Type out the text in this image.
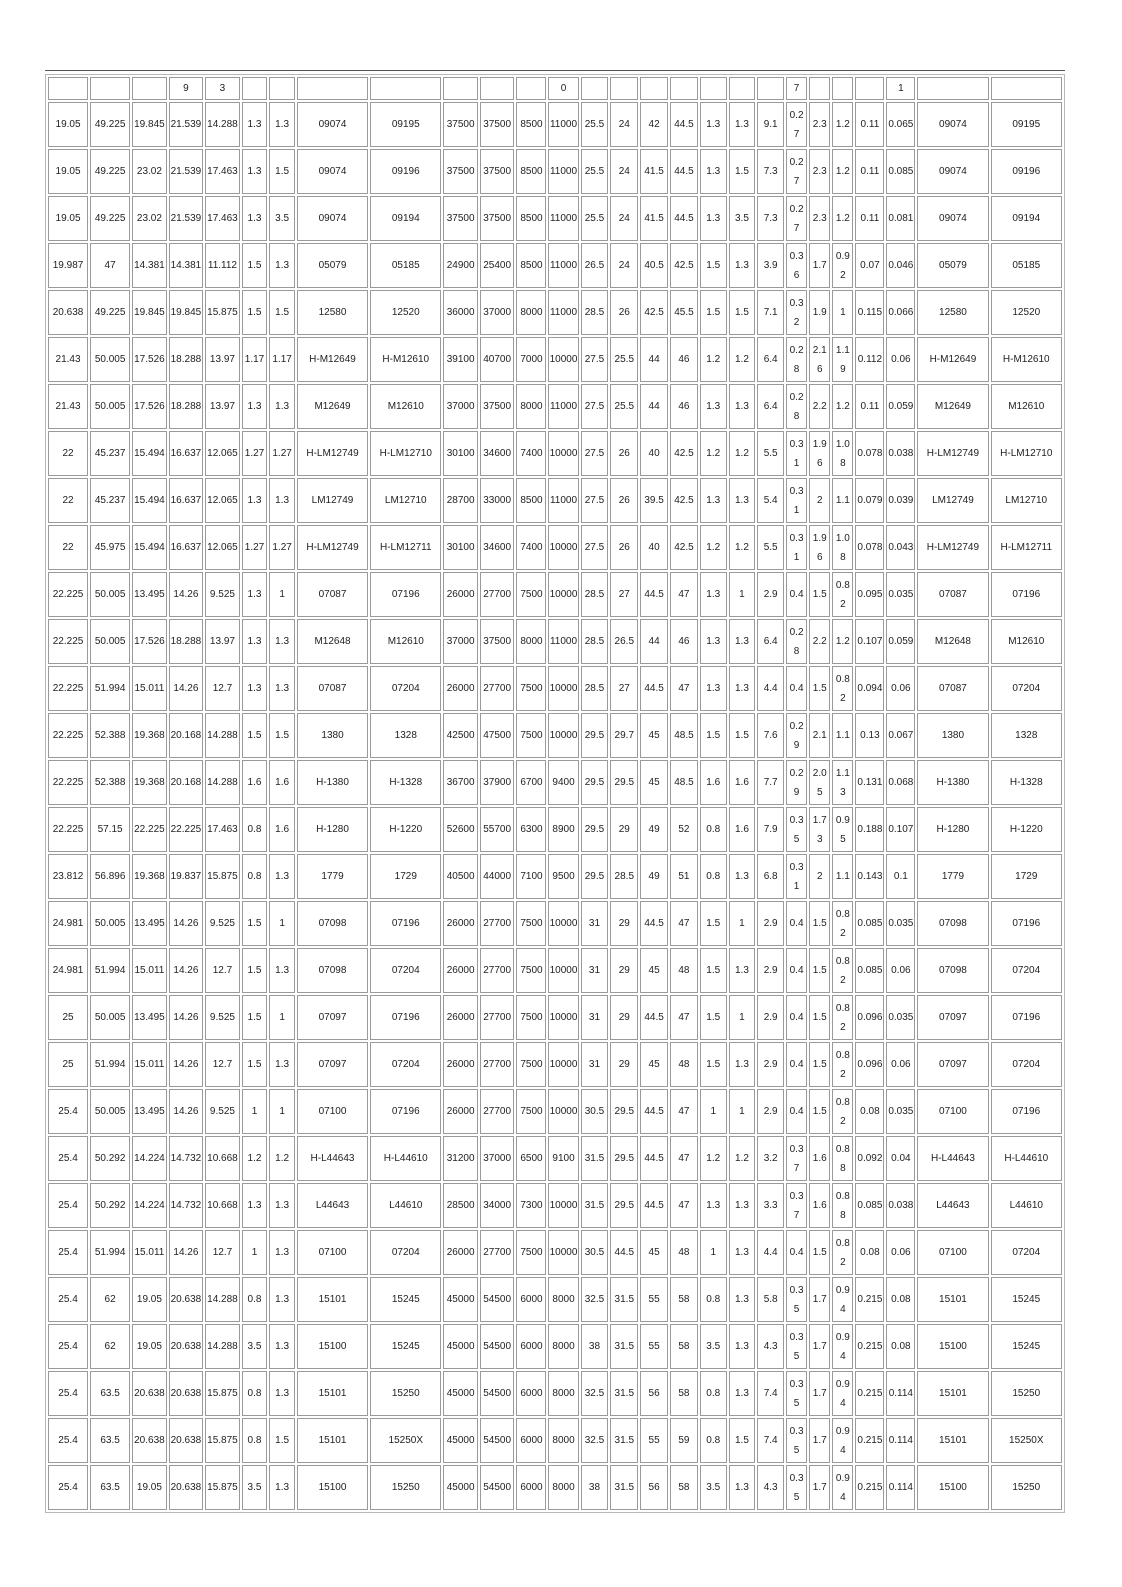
			9	3								0								7				1		
19.05	49.225	19.845	21.539	14.288	1.3	1.3	09074	09195	37500	37500	8500	11000	25.5	24	42	44.5	1.3	1.3	9.1	0.27	2.3	1.2	0.11	0.065	09074	09195
19.05	49.225	23.02	21.539	17.463	1.3	1.5	09074	09196	37500	37500	8500	11000	25.5	24	41.5	44.5	1.3	1.5	7.3	0.27	2.3	1.2	0.11	0.085	09074	09196
19.05	49.225	23.02	21.539	17.463	1.3	3.5	09074	09194	37500	37500	8500	11000	25.5	24	41.5	44.5	1.3	3.5	7.3	0.27	2.3	1.2	0.11	0.081	09074	09194
19.987	47	14.381	14.381	11.112	1.5	1.3	05079	05185	24900	25400	8500	11000	26.5	24	40.5	42.5	1.5	1.3	3.9	0.36	1.7	0.92	0.07	0.046	05079	05185
20.638	49.225	19.845	19.845	15.875	1.5	1.5	12580	12520	36000	37000	8000	11000	28.5	26	42.5	45.5	1.5	1.5	7.1	0.32	1.9	1	0.115	0.066	12580	12520
21.43	50.005	17.526	18.288	13.97	1.17	1.17	H-M12649	H-M12610	39100	40700	7000	10000	27.5	25.5	44	46	1.2	1.2	6.4	0.28	2.16	1.19	0.112	0.06	H-M12649	H-M12610
21.43	50.005	17.526	18.288	13.97	1.3	1.3	M12649	M12610	37000	37500	8000	11000	27.5	25.5	44	46	1.3	1.3	6.4	0.28	2.2	1.2	0.11	0.059	M12649	M12610
22	45.237	15.494	16.637	12.065	1.27	1.27	H-LM12749	H-LM12710	30100	34600	7400	10000	27.5	26	40	42.5	1.2	1.2	5.5	0.31	1.96	1.08	0.078	0.038	H-LM12749	H-LM12710
22	45.237	15.494	16.637	12.065	1.3	1.3	LM12749	LM12710	28700	33000	8500	11000	27.5	26	39.5	42.5	1.3	1.3	5.4	0.31	2	1.1	0.079	0.039	LM12749	LM12710
22	45.975	15.494	16.637	12.065	1.27	1.27	H-LM12749	H-LM12711	30100	34600	7400	10000	27.5	26	40	42.5	1.2	1.2	5.5	0.31	1.96	1.08	0.078	0.043	H-LM12749	H-LM12711
22.225	50.005	13.495	14.26	9.525	1.3	1	07087	07196	26000	27700	7500	10000	28.5	27	44.5	47	1.3	1	2.9	0.4	1.5	0.82	0.095	0.035	07087	07196
22.225	50.005	17.526	18.288	13.97	1.3	1.3	M12648	M12610	37000	37500	8000	11000	28.5	26.5	44	46	1.3	1.3	6.4	0.28	2.2	1.2	0.107	0.059	M12648	M12610
22.225	51.994	15.011	14.26	12.7	1.3	1.3	07087	07204	26000	27700	7500	10000	28.5	27	44.5	47	1.3	1.3	4.4	0.4	1.5	0.82	0.094	0.06	07087	07204
22.225	52.388	19.368	20.168	14.288	1.5	1.5	1380	1328	42500	47500	7500	10000	29.5	29.7	45	48.5	1.5	1.5	7.6	0.29	2.1	1.1	0.13	0.067	1380	1328
22.225	52.388	19.368	20.168	14.288	1.6	1.6	H-1380	H-1328	36700	37900	6700	9400	29.5	29.5	45	48.5	1.6	1.6	7.7	0.29	2.05	1.13	0.131	0.068	H-1380	H-1328
22.225	57.15	22.225	22.225	17.463	0.8	1.6	H-1280	H-1220	52600	55700	6300	8900	29.5	29	49	52	0.8	1.6	7.9	0.35	1.73	0.95	0.188	0.107	H-1280	H-1220
23.812	56.896	19.368	19.837	15.875	0.8	1.3	1779	1729	40500	44000	7100	9500	29.5	28.5	49	51	0.8	1.3	6.8	0.31	2	1.1	0.143	0.1	1779	1729
24.981	50.005	13.495	14.26	9.525	1.5	1	07098	07196	26000	27700	7500	10000	31	29	44.5	47	1.5	1	2.9	0.4	1.5	0.82	0.085	0.035	07098	07196
24.981	51.994	15.011	14.26	12.7	1.5	1.3	07098	07204	26000	27700	7500	10000	31	29	45	48	1.5	1.3	2.9	0.4	1.5	0.82	0.085	0.06	07098	07204
25	50.005	13.495	14.26	9.525	1.5	1	07097	07196	26000	27700	7500	10000	31	29	44.5	47	1.5	1	2.9	0.4	1.5	0.82	0.096	0.035	07097	07196
25	51.994	15.011	14.26	12.7	1.5	1.3	07097	07204	26000	27700	7500	10000	31	29	45	48	1.5	1.3	2.9	0.4	1.5	0.82	0.096	0.06	07097	07204
25.4	50.005	13.495	14.26	9.525	1	1	07100	07196	26000	27700	7500	10000	30.5	29.5	44.5	47	1	1	2.9	0.4	1.5	0.82	0.08	0.035	07100	07196
25.4	50.292	14.224	14.732	10.668	1.2	1.2	H-L44643	H-L44610	31200	37000	6500	9100	31.5	29.5	44.5	47	1.2	1.2	3.2	0.37	1.6	0.88	0.092	0.04	H-L44643	H-L44610
25.4	50.292	14.224	14.732	10.668	1.3	1.3	L44643	L44610	28500	34000	7300	10000	31.5	29.5	44.5	47	1.3	1.3	3.3	0.37	1.6	0.88	0.085	0.038	L44643	L44610
25.4	51.994	15.011	14.26	12.7	1	1.3	07100	07204	26000	27700	7500	10000	30.5	44.5	45	48	1	1.3	4.4	0.4	1.5	0.82	0.08	0.06	07100	07204
25.4	62	19.05	20.638	14.288	0.8	1.3	15101	15245	45000	54500	6000	8000	32.5	31.5	55	58	0.8	1.3	5.8	0.35	1.7	0.94	0.215	0.08	15101	15245
25.4	62	19.05	20.638	14.288	3.5	1.3	15100	15245	45000	54500	6000	8000	38	31.5	55	58	3.5	1.3	4.3	0.35	1.7	0.94	0.215	0.08	15100	15245
25.4	63.5	20.638	20.638	15.875	0.8	1.3	15101	15250	45000	54500	6000	8000	32.5	31.5	56	58	0.8	1.3	7.4	0.35	1.7	0.94	0.215	0.114	15101	15250
25.4	63.5	20.638	20.638	15.875	0.8	1.5	15101	15250X	45000	54500	6000	8000	32.5	31.5	55	59	0.8	1.5	7.4	0.35	1.7	0.94	0.215	0.114	15101	15250X
25.4	63.5	19.05	20.638	15.875	3.5	1.3	15100	15250	45000	54500	6000	8000	38	31.5	56	58	3.5	1.3	4.3	0.35	1.7	0.94	0.215	0.114	15100	15250
